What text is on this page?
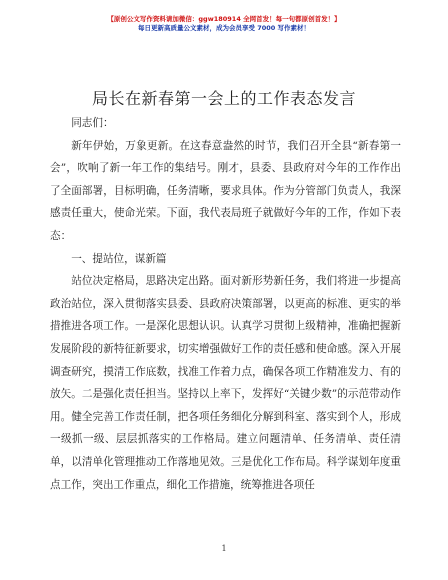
【原创公文写作资料请加微信：ggw180914 全网首发！每一句都原创首发！】
每日更新高质量公文素材，成为会员享受 7000 写作素材！
局长在新春第一会上的工作表态发言

同志们：

新年伊始，万象更新。在这春意盎然的时节，我们召开全县“新春第一会”，吹响了新一年工作的集结号。刚才，县委、县政府对今年的工作作出了全面部署，目标明确，任务清晰，要求具体。作为分管部门负责人，我深感责任重大，使命光荣。下面，我代表局班子就做好今年的工作，作如下表态：

一、提站位，谋新篇

站位决定格局，思路决定出路。面对新形势新任务，我们将进一步提高政治站位，深入贯彻落实县委、县政府决策部署，以更高的标准、更实的举措推进各项工作。一是深化思想认识。认真学习贯彻上级精神，准确把握新发展阶段的新特征新要求，切实增强做好工作的责任感和使命感。深入开展调查研究，摸清工作底数，找准工作着力点，确保各项工作精准发力、有的放矢。二是强化责任担当。坚持以上率下，发挥好“关键少数”的示范带动作用。健全完善工作责任制，把各项任务细化分解到科室、落实到个人，形成一级抓一级、层层抓落实的工作格局。建立问题清单、任务清单、责任清单，以清单化管理推动工作落地见效。三是优化工作布局。科学谋划年度重点工作，突出工作重点，细化工作措施，统筹推进各项任

1
